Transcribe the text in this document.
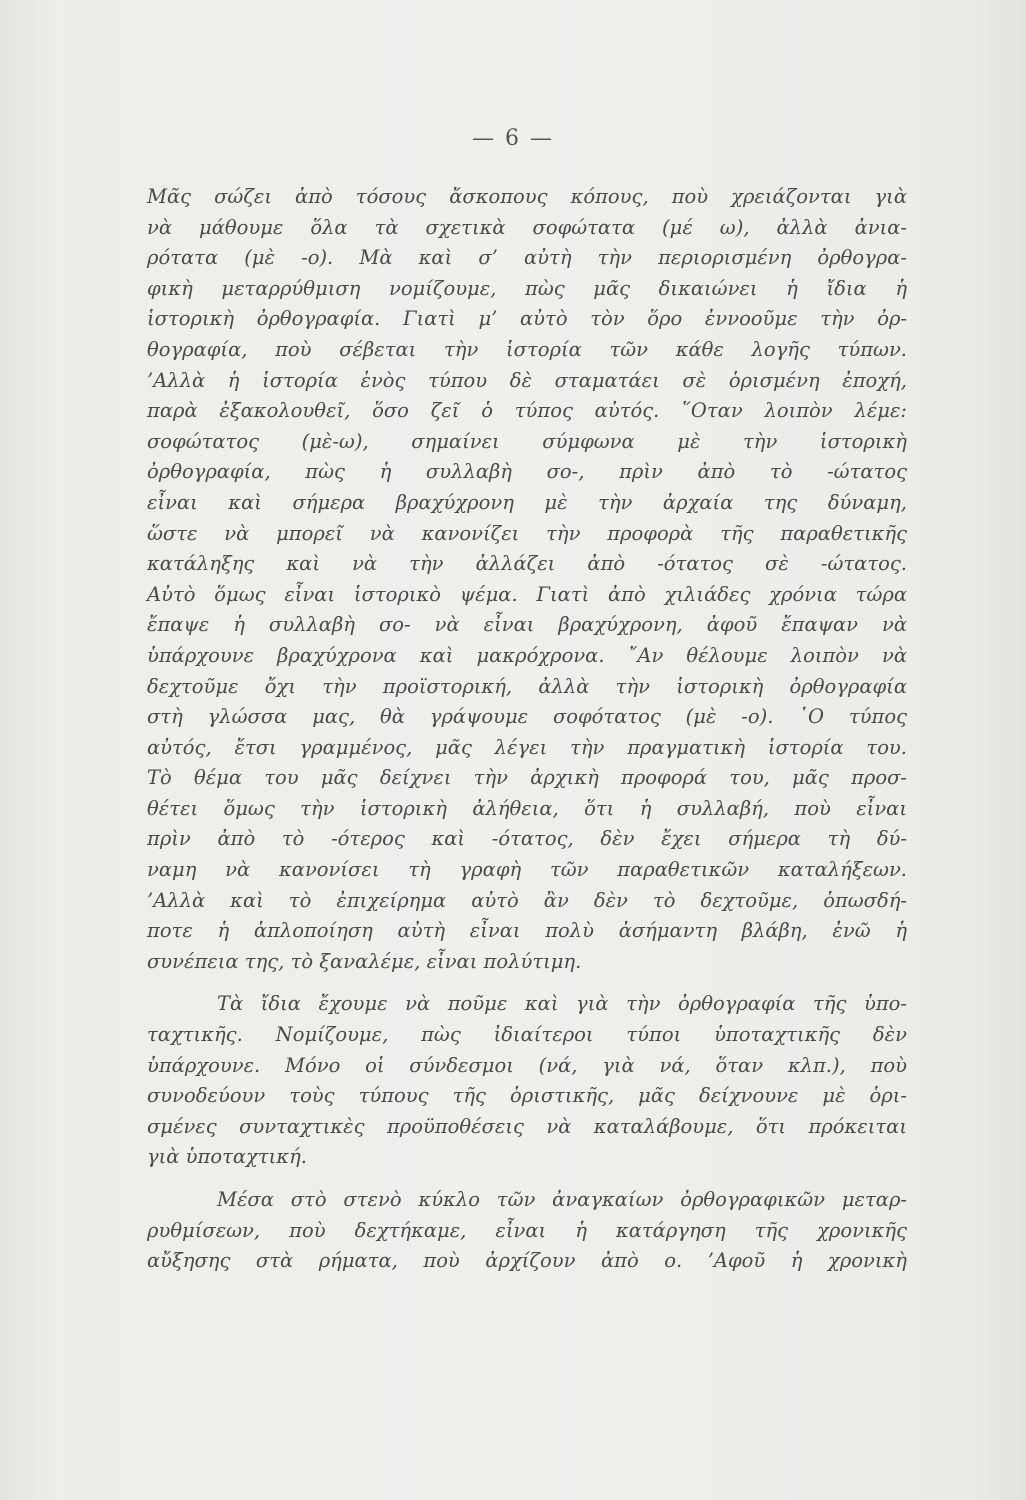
— 6 —
Μᾶς σώζει ἀπὸ τόσους ἄσκοπους κόπους, ποὺ χρειάζονται γιὰ
νὰ μάθουμε ὅλα τὰ σχετικὰ σοφώτατα (μέ ω), ἀλλὰ ἀνια-
ρότατα (μὲ -ο). Μὰ καὶ σ’ αὐτὴ τὴν περιορισμένη ὀρθογρα-
φικὴ μεταρρύθμιση νομίζουμε, πὼς μᾶς δικαιώνει ἡ ἴδια ἡ
ἱστορικὴ ὀρθογραφία. Γιατὶ μ’ αὐτὸ τὸν ὅρο ἐννοοῦμε τὴν ὀρ-
θογραφία, ποὺ σέβεται τὴν ἱστορία τῶν κάθε λογῆς τύπων.
’Αλλὰ ἡ ἱστορία ἑνὸς τύπου δὲ σταματάει σὲ ὁρισμένη ἐποχή,
παρὰ ἐξακολουθεῖ, ὅσο ζεῖ ὁ τύπος αὐτός. ῞Οταν λοιπὸν λέμε:
σοφώτατος (μὲ-ω), σημαίνει σύμφωνα μὲ τὴν ἱστορικὴ
ὀρθογραφία, πὼς ἡ συλλαβὴ σο-, πρὶν ἀπὸ τὸ -ώτατος
εἶναι καὶ σήμερα βραχύχρονη μὲ τὴν ἀρχαία της δύναμη,
ὥστε νὰ μπορεῖ νὰ κανονίζει τὴν προφορὰ τῆς παραθετικῆς
κατάληξης καὶ νὰ τὴν ἀλλάζει ἀπὸ -ότατος σὲ -ώτατος.
Αὐτὸ ὅμως εἶναι ἱστορικὸ ψέμα. Γιατὶ ἀπὸ χιλιάδες χρόνια τώρα
ἔπαψε ἡ συλλαβὴ σο- νὰ εἶναι βραχύχρονη, ἀφοῦ ἔπαψαν νὰ
ὑπάρχουνε βραχύχρονα καὶ μακρόχρονα. ῎Αν θέλουμε λοιπὸν νὰ
δεχτοῦμε ὄχι τὴν προϊστορική, ἀλλὰ τὴν ἱστορικὴ ὀρθογραφία
στὴ γλώσσα μας, θὰ γράψουμε σοφότατος (μὲ -ο). ῾Ο τύπος
αὐτός, ἔτσι γραμμένος, μᾶς λέγει τὴν πραγματικὴ ἱστορία του.
Τὸ θέμα του μᾶς δείχνει τὴν ἀρχικὴ προφορά του, μᾶς προσ-
θέτει ὅμως τὴν ἱστορικὴ ἀλήθεια, ὅτι ἡ συλλαβή, ποὺ εἶναι
πρὶν ἀπὸ τὸ -ότερος καὶ -ότατος, δὲν ἔχει σήμερα τὴ δύ-
ναμη νὰ κανονίσει τὴ γραφὴ τῶν παραθετικῶν καταλήξεων.
’Αλλὰ καὶ τὸ ἐπιχείρημα αὐτὸ ἂν δὲν τὸ δεχτοῦμε, ὁπωσδή-
ποτε ἡ ἁπλοποίηση αὐτὴ εἶναι πολὺ ἀσήμαντη βλάβη, ἐνῶ ἡ
συνέπεια της, τὸ ξαναλέμε, εἶναι πολύτιμη.
Τὰ ἴδια ἔχουμε νὰ ποῦμε καὶ γιὰ τὴν ὀρθογραφία τῆς ὑπο-
ταχτικῆς. Νομίζουμε, πὼς ἰδιαίτεροι τύποι ὑποταχτικῆς δὲν
ὑπάρχουνε. Μόνο οἱ σύνδεσμοι (νά, γιὰ νά, ὅταν κλπ.), ποὺ
συνοδεύουν τοὺς τύπους τῆς ὁριστικῆς, μᾶς δείχνουνε μὲ ὁρι-
σμένες συνταχτικὲς προϋποθέσεις νὰ καταλάβουμε, ὅτι πρόκειται
γιὰ ὑποταχτική.
Μέσα στὸ στενὸ κύκλο τῶν ἀναγκαίων ὀρθογραφικῶν μεταρ-
ρυθμίσεων, ποὺ δεχτήκαμε, εἶναι ἡ κατάργηση τῆς χρονικῆς
αὔξησης στὰ ρήματα, ποὺ ἀρχίζουν ἀπὸ ο. ’Αφοῦ ἡ χρονικὴ
